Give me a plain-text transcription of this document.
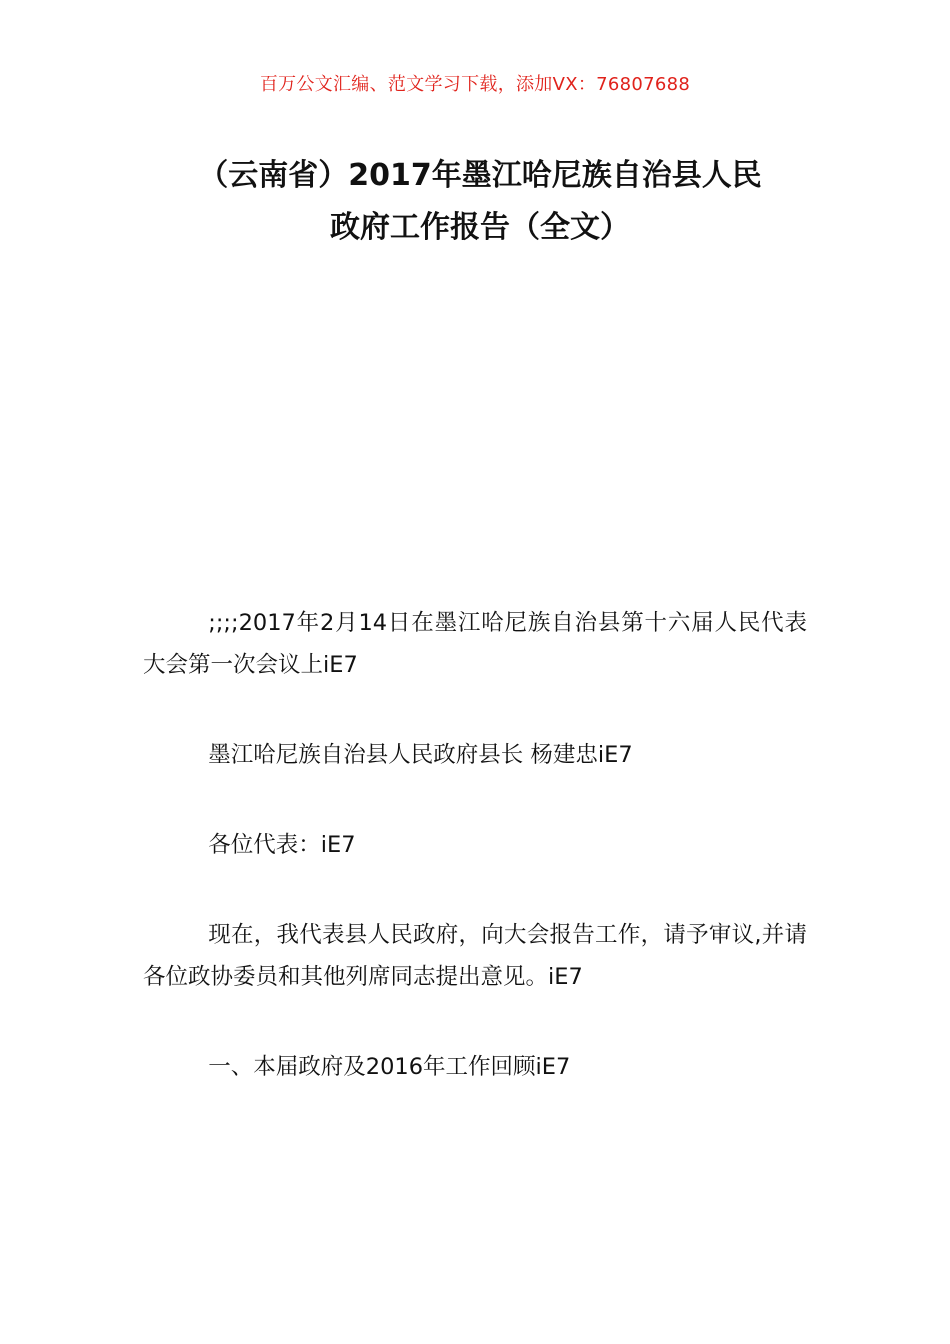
百万公文汇编、范文学习下载，添加VX：76807688
（云南省）2017年墨江哈尼族自治县人民
政府工作报告（全文）

;;;;2017年2月14日在墨江哈尼族自治县第十六届人民代表大会第一次会议上iE7

墨江哈尼族自治县人民政府县长 杨建忠iE7

各位代表：iE7

现在，我代表县人民政府，向大会报告工作，请予审议,并请各位政协委员和其他列席同志提出意见。iE7

一、本届政府及2016年工作回顾iE7
